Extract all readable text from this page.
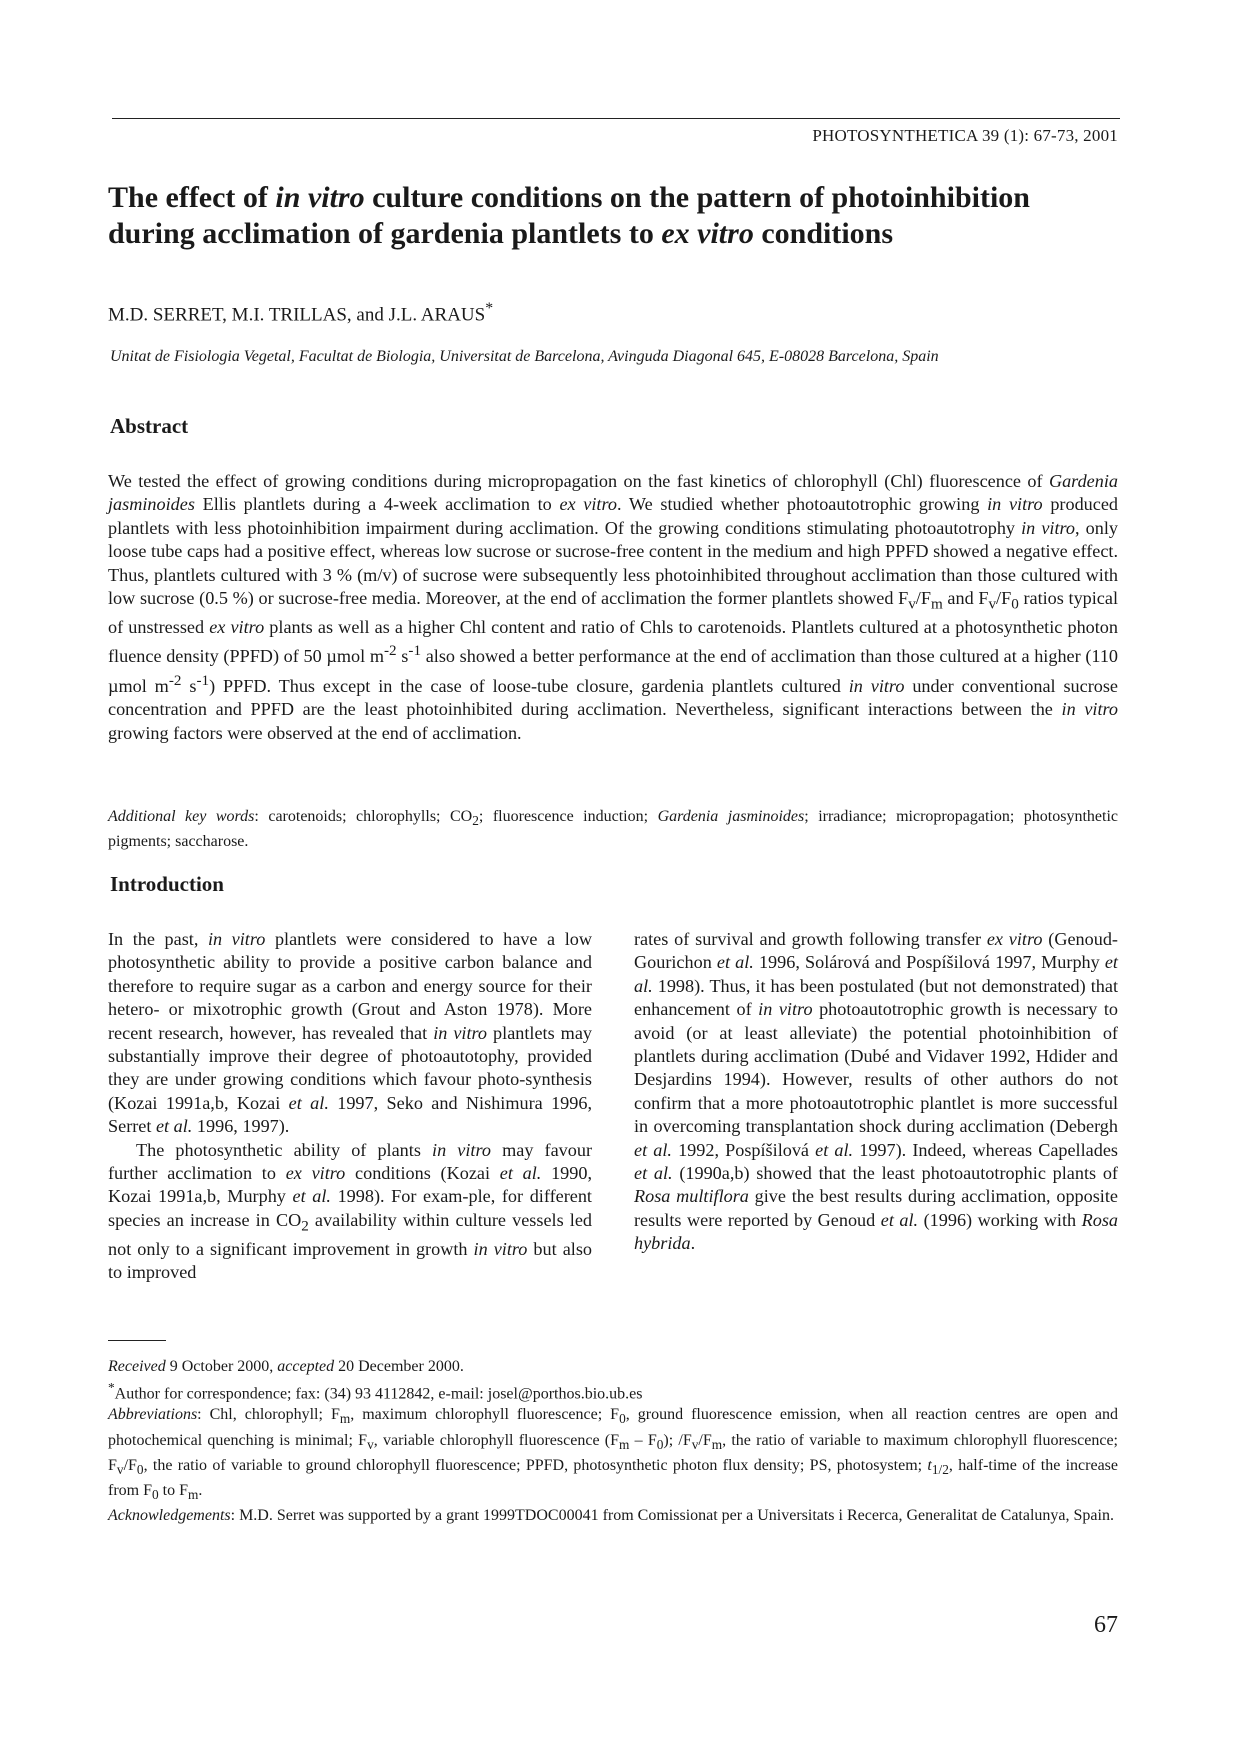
PHOTOSYNTHETICA 39 (1): 67-73, 2001
The effect of in vitro culture conditions on the pattern of photoinhibition during acclimation of gardenia plantlets to ex vitro conditions
M.D. SERRET, M.I. TRILLAS, and J.L. ARAUS*
Unitat de Fisiologia Vegetal, Facultat de Biologia, Universitat de Barcelona, Avinguda Diagonal 645, E-08028 Barcelona, Spain
Abstract

We tested the effect of growing conditions during micropropagation on the fast kinetics of chlorophyll (Chl) fluorescence of Gardenia jasminoides Ellis plantlets during a 4-week acclimation to ex vitro. We studied whether photoautotrophic growing in vitro produced plantlets with less photoinhibition impairment during acclimation. Of the growing conditions stimulating photoautotrophy in vitro, only loose tube caps had a positive effect, whereas low sucrose or sucrose-free content in the medium and high PPFD showed a negative effect. Thus, plantlets cultured with 3 % (m/v) of sucrose were subsequently less photoinhibited throughout acclimation than those cultured with low sucrose (0.5 %) or sucrose-free media. Moreover, at the end of acclimation the former plantlets showed $F_v/F_m$ and $F_v/F_0$ ratios typical of unstressed ex vitro plants as well as a higher Chl content and ratio of Chls to carotenoids. Plantlets cultured at a photosynthetic photon fluence density (PPFD) of 50 µmol $m^{-2}$ $s^{-1}$ also showed a better performance at the end of acclimation than those cultured at a higher (110 µmol $m^{-2}$ $s^{-1}$) PPFD. Thus except in the case of loose-tube closure, gardenia plantlets cultured in vitro under conventional sucrose concentration and PPFD are the least photoinhibited during acclimation. Nevertheless, significant interactions between the in vitro growing factors were observed at the end of acclimation.

Additional key words: carotenoids; chlorophylls; $CO_2$; fluorescence induction; Gardenia jasminoides; irradiance; micropropagation; photosynthetic pigments; saccharose.

Introduction

In the past, in vitro plantlets were considered to have a low photosynthetic ability to provide a positive carbon balance and therefore to require sugar as a carbon and energy source for their hetero- or mixotrophic growth (Grout and Aston 1978). More recent research, however, has revealed that in vitro plantlets may substantially improve their degree of photoautotophy, provided they are under growing conditions which favour photo-synthesis (Kozai 1991a,b, Kozai et al. 1997, Seko and Nishimura 1996, Serret et al. 1996, 1997).

The photosynthetic ability of plants in vitro may favour further acclimation to ex vitro conditions (Kozai et al. 1990, Kozai 1991a,b, Murphy et al. 1998). For exam-ple, for different species an increase in $CO_2$ availability within culture vessels led not only to a significant improvement in growth in vitro but also to improved

rates of survival and growth following transfer ex vitro (Genoud-Gourichon et al. 1996, Solárová and Pospíšilová 1997, Murphy et al. 1998). Thus, it has been postulated (but not demonstrated) that enhancement of in vitro photoautotrophic growth is necessary to avoid (or at least alleviate) the potential photoinhibition of plantlets during acclimation (Dubé and Vidaver 1992, Hdider and Desjardins 1994). However, results of other authors do not confirm that a more photoautotrophic plantlet is more successful in overcoming transplantation shock during acclimation (Debergh et al. 1992, Pospíšilová et al. 1997). Indeed, whereas Capellades et al. (1990a,b) showed that the least photoautotrophic plants of Rosa multiflora give the best results during acclimation, opposite results were reported by Genoud et al. (1996) working with Rosa hybrida.

Received 9 October 2000, accepted 20 December 2000.

*Author for correspondence; fax: (34) 93 4112842, e-mail: josel@porthos.bio.ub.es

Abbreviations: Chl, chlorophyll; $F_m$, maximum chlorophyll fluorescence; $F_0$, ground fluorescence emission, when all reaction centres are open and photochemical quenching is minimal; $F_v$, variable chlorophyll fluorescence $(F_m - F_0)$; $/F_v/F_m$, the ratio of variable to maximum chlorophyll fluorescence; $F_v/F_0$, the ratio of variable to ground chlorophyll fluorescence; PPFD, photosynthetic photon flux density; PS, photosystem; $t_{1/2}$, half-time of the increase from $F_0$ to $F_m$.

Acknowledgements: M.D. Serret was supported by a grant 1999TDOC00041 from Comissionat per a Universitats i Recerca, Generalitat de Catalunya, Spain.

67
